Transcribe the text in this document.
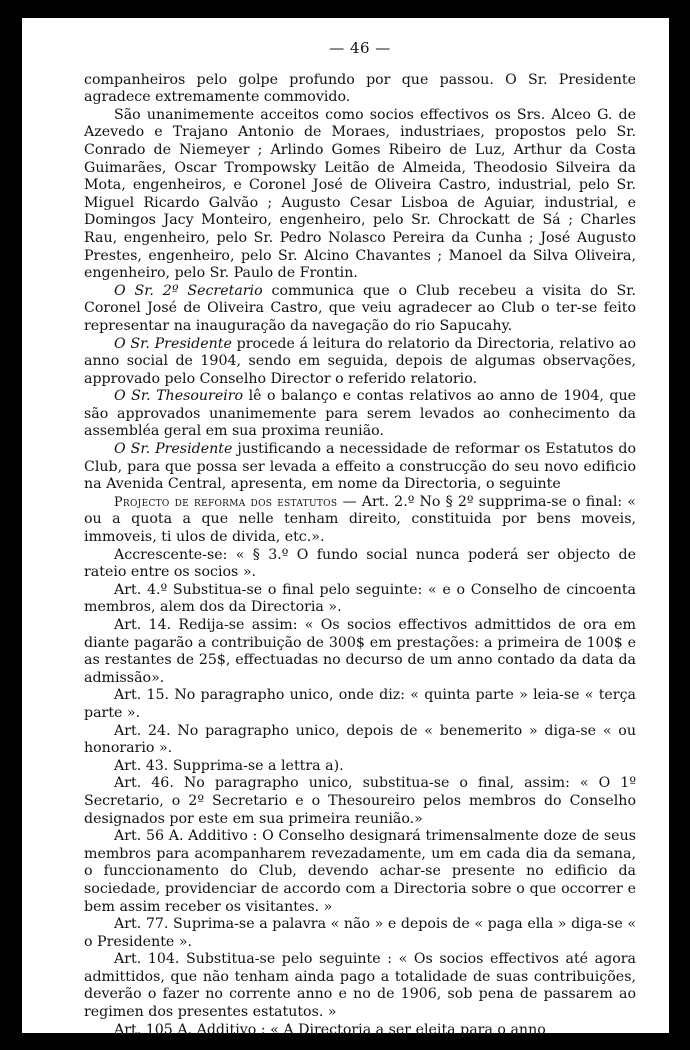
— 46 —

companheiros pelo golpe profundo por que passou. O Sr. Presidente agradece extremamente commovido.

São unanimemente acceitos como socios effectivos os Srs. Alceo G. de Azevedo e Trajano Antonio de Moraes, industriaes, propostos pelo Sr. Conrado de Niemeyer ; Arlindo Gomes Ribeiro de Luz, Arthur da Costa Guimarães, Oscar Trompowsky Leitão de Almeida, Theodosio Silveira da Mota, engenheiros, e Coronel José de Oliveira Castro, industrial, pelo Sr. Miguel Ricardo Galvão ; Augusto Cesar Lisboa de Aguiar, industrial, e Domingos Jacy Monteiro, engenheiro, pelo Sr. Chrockatt de Sá ; Charles Rau, engenheiro, pelo Sr. Pedro Nolasco Pereira da Cunha ; José Augusto Prestes, engenheiro, pelo Sr. Alcino Chavantes ; Manoel da Silva Oliveira, engenheiro, pelo Sr. Paulo de Frontin.

O Sr. 2º Secretario communica que o Club recebeu a visita do Sr. Coronel José de Oliveira Castro, que veiu agradecer ao Club o ter-se feito representar na inauguração da navegação do rio Sapucahy.

O Sr. Presidente procede á leitura do relatorio da Directoria, relativo ao anno social de 1904, sendo em seguida, depois de algumas observações, approvado pelo Conselho Director o referido relatorio.

O Sr. Thesoureiro lê o balanço e contas relativos ao anno de 1904, que são approvados unanimemente para serem levados ao conhecimento da assembléa geral em sua proxima reunião.

O Sr. Presidente justificando a necessidade de reformar os Estatutos do Club, para que possa ser levada a effeito a construcção do seu novo edificio na Avenida Central, apresenta, em nome da Directoria, o seguinte

Projecto de reforma dos estatutos — Art. 2.º No § 2º supprima-se o final: « ou a quota a que nelle tenham direito, constituida por bens moveis, immoveis, ti ulos de divida, etc.».

Accrescente-se: « § 3.º O fundo social nunca poderá ser objecto de rateio entre os socios ».

Art. 4.º Substitua-se o final pelo seguinte: « e o Conselho de cincoenta membros, alem dos da Directoria ».

Art. 14. Redija-se assim: « Os socios effectivos admittidos de ora em diante pagarão a contribuição de 300$ em prestações: a primeira de 100$ e as restantes de 25$, effectuadas no decurso de um anno contado da data da admissão».

Art. 15. No paragrapho unico, onde diz: « quinta parte » leia-se « terça parte ».

Art. 24. No paragrapho unico, depois de « benemerito » diga-se « ou honorario ».

Art. 43. Supprima-se a lettra a).

Art. 46. No paragrapho unico, substitua-se o final, assim: « O 1º Secretario, o 2º Secretario e o Thesoureiro pelos membros do Conselho designados por este em sua primeira reunião.»

Art. 56 A. Additivo : O Conselho designará trimensalmente doze de seus membros para acompanharem revezadamente, um em cada dia da semana, o funccionamento do Club, devendo achar-se presente no edificio da sociedade, providenciar de accordo com a Directoria sobre o que occorrer e bem assim receber os visitantes. »

Art. 77. Suprima-se a palavra « não » e depois de « paga ella » diga-se « o Presidente ».

Art. 104. Substitua-se pelo seguinte : « Os socios effectivos até agora admittidos, que não tenham ainda pago a totalidade de suas contribuições, deverão o fazer no corrente anno e no de 1906, sob pena de passarem ao regimen dos presentes estatutos. »

Art. 105 A. Additivo : « A Directoria a ser eleita para o anno
